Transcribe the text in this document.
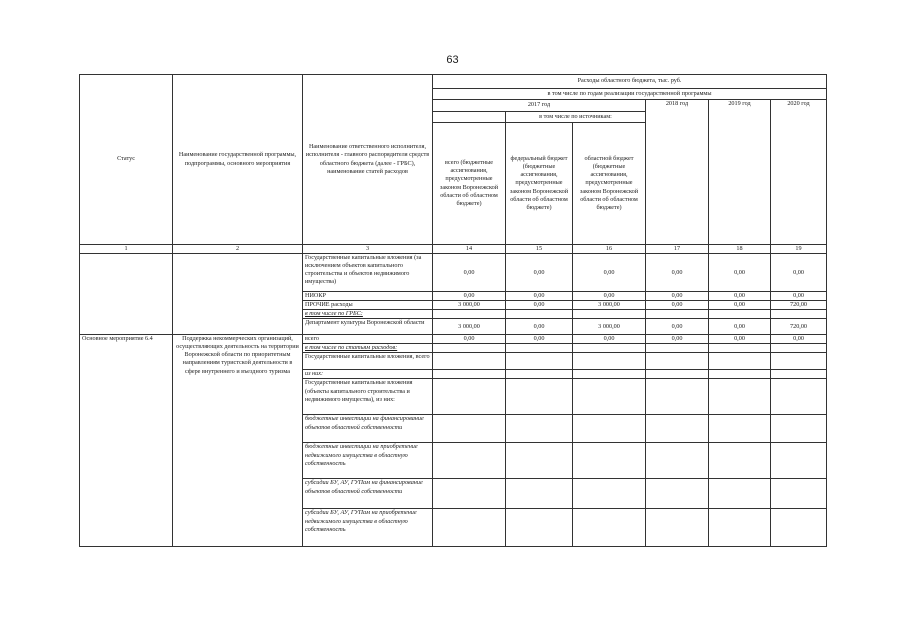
63
Статус	Наименование государственной программы, подпрограммы, основного мероприятия	Наименование ответственного исполнителя, исполнителя - главного распорядителя средств областного бюджета (далее - ГРБС), наименование статей расходов	Расходы областного бюджета, тыс. руб.					
			в том числе по годам реализации государственной программы					
			2017 год			2018 год	2019 год	2020 год
				в том числе по источникам:				
			всего (бюджетные ассигнования, предусмотренные законом Воронежской области об областном бюджете)	федеральный бюджет (бюджетные ассигнования, предусмотренные законом Воронежской области об областном бюджете)	областной бюджет (бюджетные ассигнования, предусмотренные законом Воронежской области об областном бюджете)			
1	2	3	14	15	16	17	18	19
		Государственные капитальные вложения (за исключением объектов капитального строительства и объектов недвижимого имущества)	0,00	0,00	0,00	0,00	0,00	0,00
		НИОКР	0,00	0,00	0,00	0,00	0,00	0,00
		ПРОЧИЕ расходы	3 000,00	0,00	3 000,00	0,00	0,00	720,00
		в том числе по ГРБС:						
		Департамент культуры Воронежской области	3 000,00	0,00	3 000,00	0,00	0,00	720,00
Основное мероприятие 6.4	Поддержка некоммерческих организаций, осуществляющих деятельность на территории Воронежской области по приоритетным направлениям туристской деятельности в сфере внутреннего и въездного туризма	всего	0,00	0,00	0,00	0,00	0,00	0,00
		в том числе по статьям расходов:						
		Государственные капитальные вложения, всего						
		из них:						
		Государственные капитальные вложения (объекты капитального строительства и недвижимого имущества), из них:						
		бюджетные инвестиции на финансирование объектов областной собственности						
		бюджетные инвестиции на приобретение недвижимого имущества в областную собственность						
		субсидии БУ, АУ, ГУПам на финансирование объектов областной собственности						
		субсидии БУ, АУ, ГУПам на приобретение недвижимого имущества в областную собственность						
